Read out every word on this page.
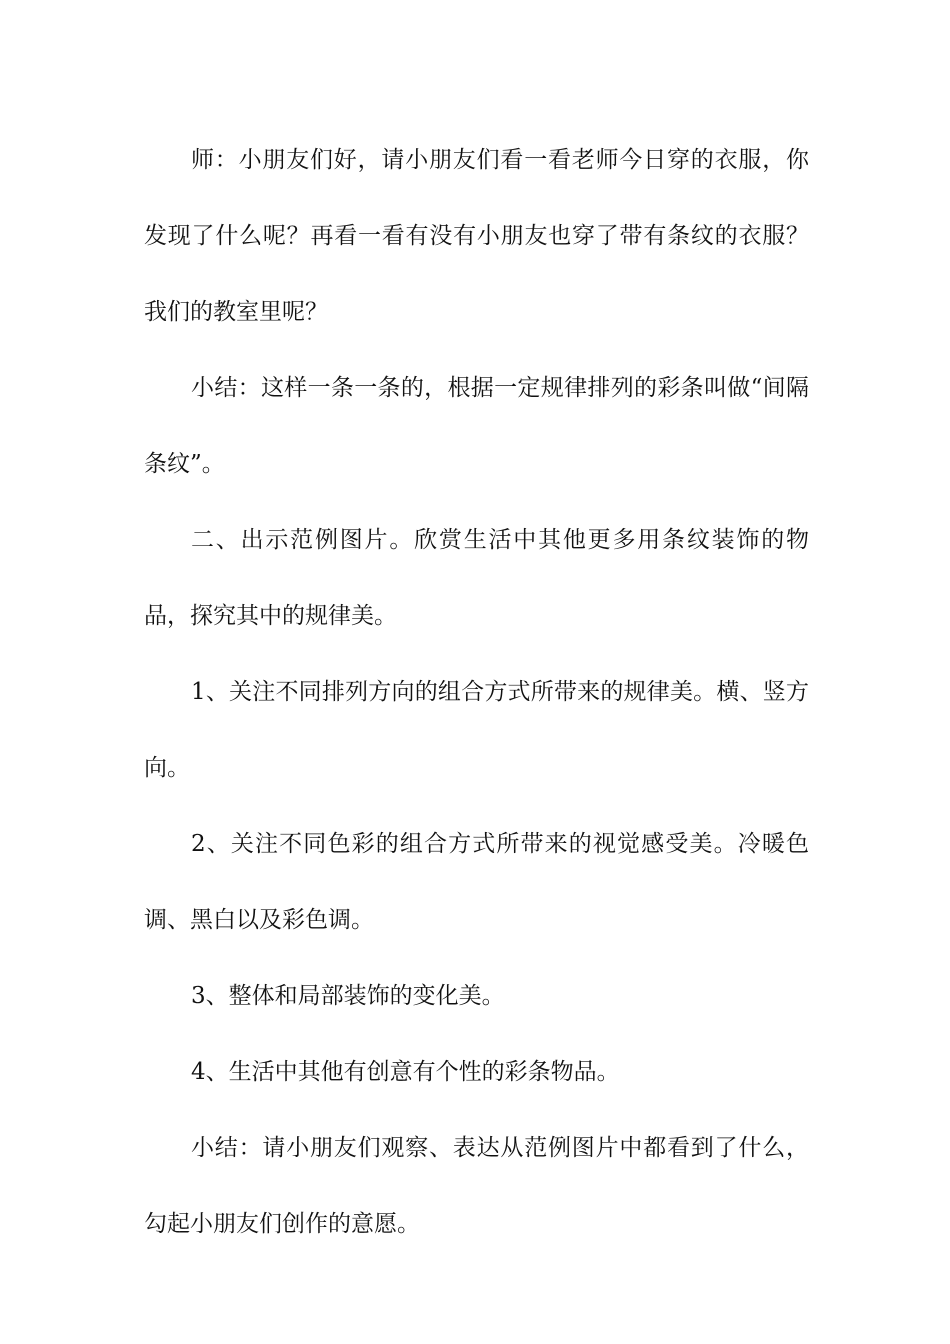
师：小朋友们好，请小朋友们看一看老师今日穿的衣服，你发现了什么呢？再看一看有没有小朋友也穿了带有条纹的衣服？我们的教室里呢？

小结：这样一条一条的，根据一定规律排列的彩条叫做“间隔条纹”。

二、出示范例图片。欣赏生活中其他更多用条纹装饰的物品，探究其中的规律美。

1、关注不同排列方向的组合方式所带来的规律美。横、竖方向。

2、关注不同色彩的组合方式所带来的视觉感受美。冷暖色调、黑白以及彩色调。

3、整体和局部装饰的变化美。

4、生活中其他有创意有个性的彩条物品。

小结：请小朋友们观察、表达从范例图片中都看到了什么，勾起小朋友们创作的意愿。
